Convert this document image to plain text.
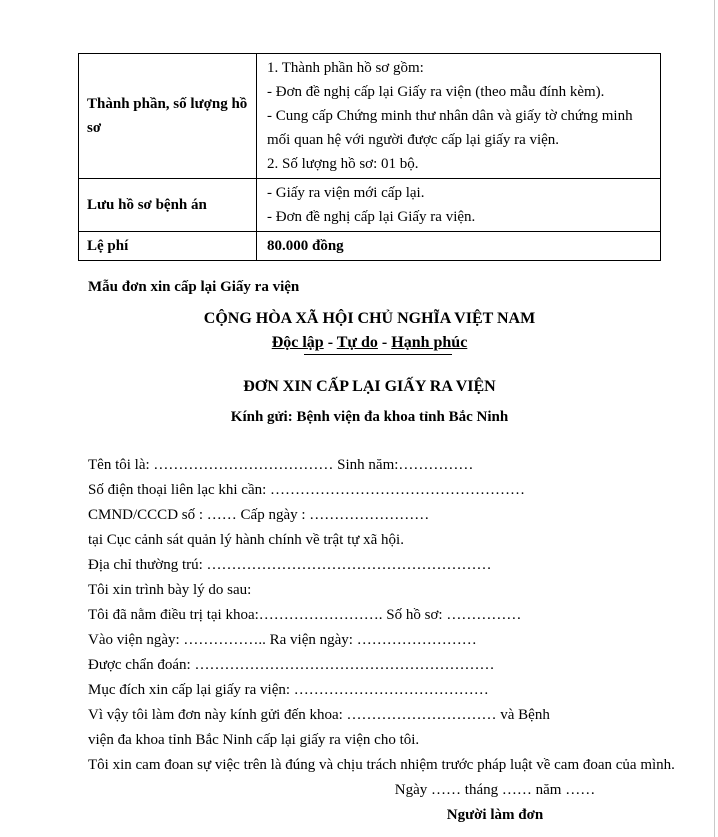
Thành phần, số lượng hồ sơ	1. Thành phần hồ sơ gồm:

- Đơn đề nghị cấp lại Giấy ra viện (theo mẫu đính kèm).

- Cung cấp Chứng minh thư nhân dân và giấy tờ chứng minh mối quan hệ với người được cấp lại giấy ra viện.

2. Số lượng hồ sơ: 01 bộ.

Lưu hồ sơ bệnh án	- Giấy ra viện mới cấp lại.

- Đơn đề nghị cấp lại Giấy ra viện.

Lệ phí	80.000 đồng

Mẫu đơn xin cấp lại Giấy ra viện

CỘNG HÒA XÃ HỘI CHỦ NGHĨA VIỆT NAM
Độc lập - Tự do - Hạnh phúc
ĐƠN XIN CẤP LẠI GIẤY RA VIỆN
Kính gửi: Bệnh viện đa khoa tỉnh Bắc Ninh

Tên tôi là: ……………………………… Sinh năm:……………

Số điện thoại liên lạc khi cần: ……………………………………………

CMND/CCCD số : …… Cấp ngày : ……………………

tại Cục cảnh sát quản lý hành chính về trật tự xã hội.

Địa chỉ thường trú: …………………………………………………

Tôi xin trình bày lý do sau:

Tôi đã nằm điều trị tại khoa:……………………. Số hồ sơ: ……………

Vào viện ngày: …………….. Ra viện ngày: ……………………

Được chẩn đoán: ……………………………………………………

Mục đích xin cấp lại giấy ra viện: …………………………………

Vì vậy tôi làm đơn này kính gửi đến khoa: ………………………… và Bệnh

viện đa khoa tỉnh Bắc Ninh cấp lại giấy ra viện cho tôi.

Tôi xin cam đoan sự việc trên là đúng và chịu trách nhiệm trước pháp luật về cam đoan của mình.

Ngày …… tháng …… năm ……

Người làm đơn
